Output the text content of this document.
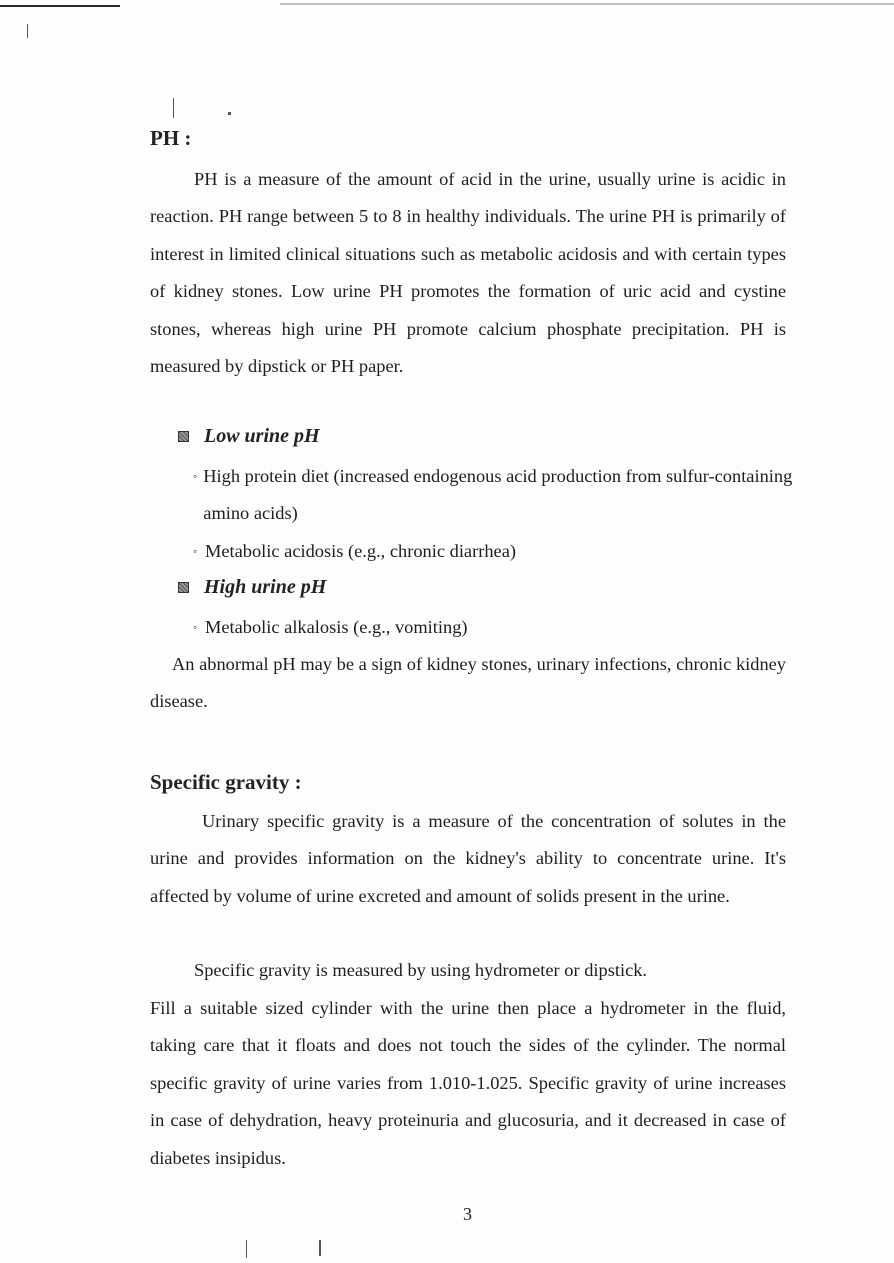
PH :

PH is a measure of the amount of acid in the urine, usually urine is acidic in reaction. PH range between 5 to 8 in healthy individuals. The urine PH is primarily of interest in limited clinical situations such as metabolic acidosis and with certain types of kidney stones. Low urine PH promotes the formation of uric acid and cystine stones, whereas high urine PH promote calcium phosphate precipitation. PH is measured by dipstick or PH paper.

Low urine pH
◦ High protein diet (increased endogenous acid production from sulfur-containing amino acids)
◦ Metabolic acidosis (e.g., chronic diarrhea)
High urine pH
◦ Metabolic alkalosis (e.g., vomiting)

An abnormal pH may be a sign of kidney stones, urinary infections, chronic kidney disease.

Specific gravity :

Urinary specific gravity is a measure of the concentration of solutes in the urine and provides information on the kidney's ability to concentrate urine. It's affected by volume of urine excreted and amount of solids present in the urine.

Specific gravity is measured by using hydrometer or dipstick.

Fill a suitable sized cylinder with the urine then place a hydrometer in the fluid, taking care that it floats and does not touch the sides of the cylinder. The normal specific gravity of urine varies from 1.010-1.025. Specific gravity of urine increases in case of dehydration, heavy proteinuria and glucosuria, and it decreased in case of diabetes insipidus.

3
